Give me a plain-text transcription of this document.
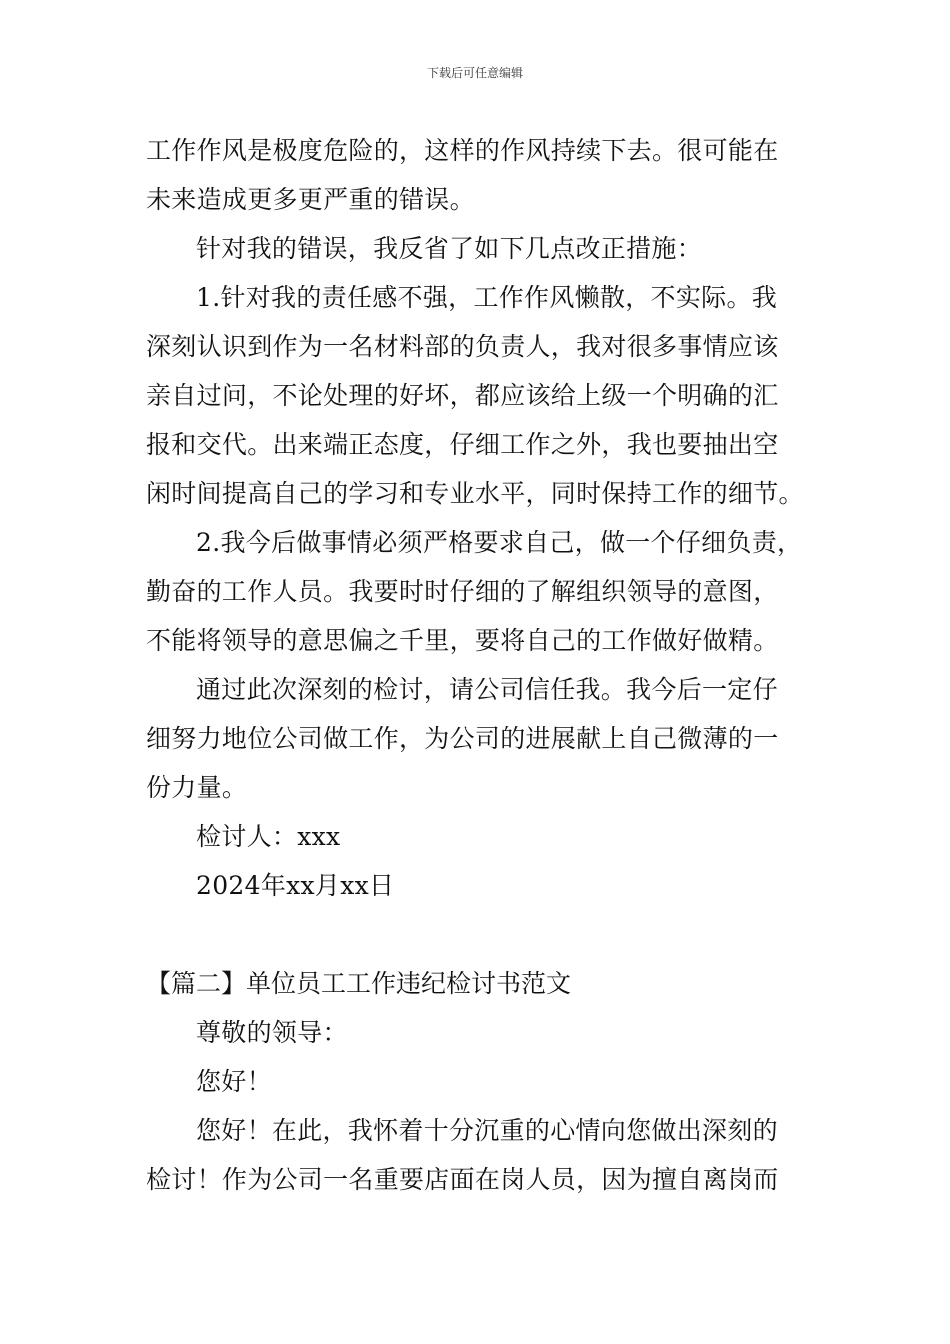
下载后可任意编辑
工作作风是极度危险的，这样的作风持续下去。很可能在
未来造成更多更严重的错误。
针对我的错误，我反省了如下几点改正措施：
1.针对我的责任感不强，工作作风懒散，不实际。我
深刻认识到作为一名材料部的负责人，我对很多事情应该
亲自过问，不论处理的好坏，都应该给上级一个明确的汇
报和交代。出来端正态度，仔细工作之外，我也要抽出空
闲时间提高自己的学习和专业水平，同时保持工作的细节。
2.我今后做事情必须严格要求自己，做一个仔细负责，
勤奋的工作人员。我要时时仔细的了解组织领导的意图，
不能将领导的意思偏之千里，要将自己的工作做好做精。
通过此次深刻的检讨，请公司信任我。我今后一定仔
细努力地位公司做工作，为公司的进展献上自己微薄的一
份力量。
检讨人：xxx
2024年xx月xx日
【篇二】单位员工工作违纪检讨书范文
尊敬的领导：
您好！
您好！在此，我怀着十分沉重的心情向您做出深刻的
检讨！作为公司一名重要店面在岗人员，因为擅自离岗而
